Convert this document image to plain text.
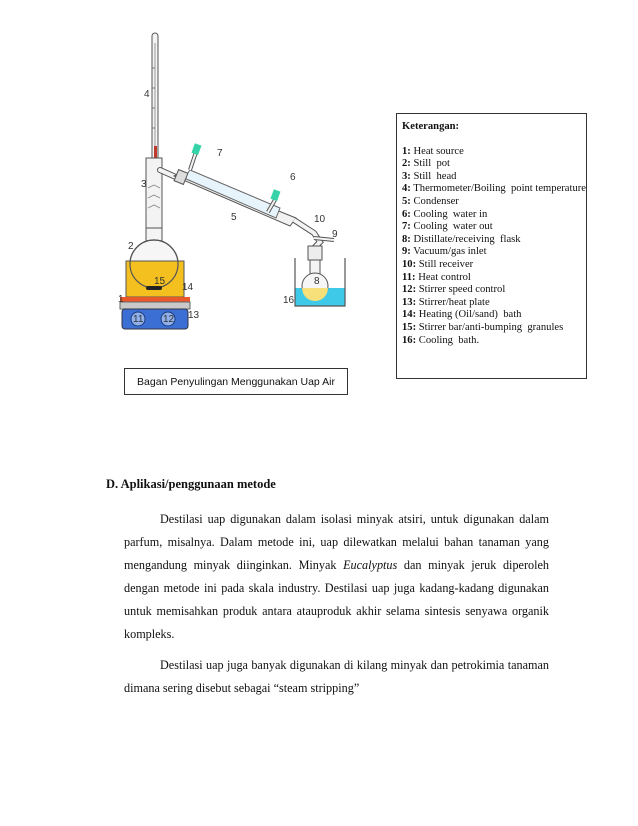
1
2
3
4
5
6
7
8
9
10
11 12 13
14
15
16
Bagan Penyulingan Menggunakan Uap Air
Keterangan:
1: Heat source
2: Still  pot
3: Still  head
4: Thermometer/Boiling  point temperature
5: Condenser
6: Cooling  water in
7: Cooling  water out
8: Distillate/receiving  flask
9: Vacuum/gas inlet
10: Still receiver
11: Heat control
12: Stirrer speed control
13: Stirrer/heat plate
14: Heating (Oil/sand)  bath
15: Stirrer bar/anti-bumping  granules
16: Cooling  bath.
D. Aplikasi/penggunaan metode

Destilasi uap digunakan dalam isolasi minyak atsiri, untuk digunakan dalam parfum, misalnya. Dalam metode ini, uap dilewatkan melalui bahan tanaman yang mengandung minyak diinginkan. Minyak Eucalyptus dan minyak jeruk diperoleh dengan metode ini pada skala industry. Destilasi uap juga kadang-kadang digunakan untuk memisahkan produk antara atauproduk akhir selama sintesis senyawa organik kompleks.

Destilasi uap juga banyak digunakan di kilang minyak dan petrokimia tanaman dimana sering disebut sebagai “steam stripping”
